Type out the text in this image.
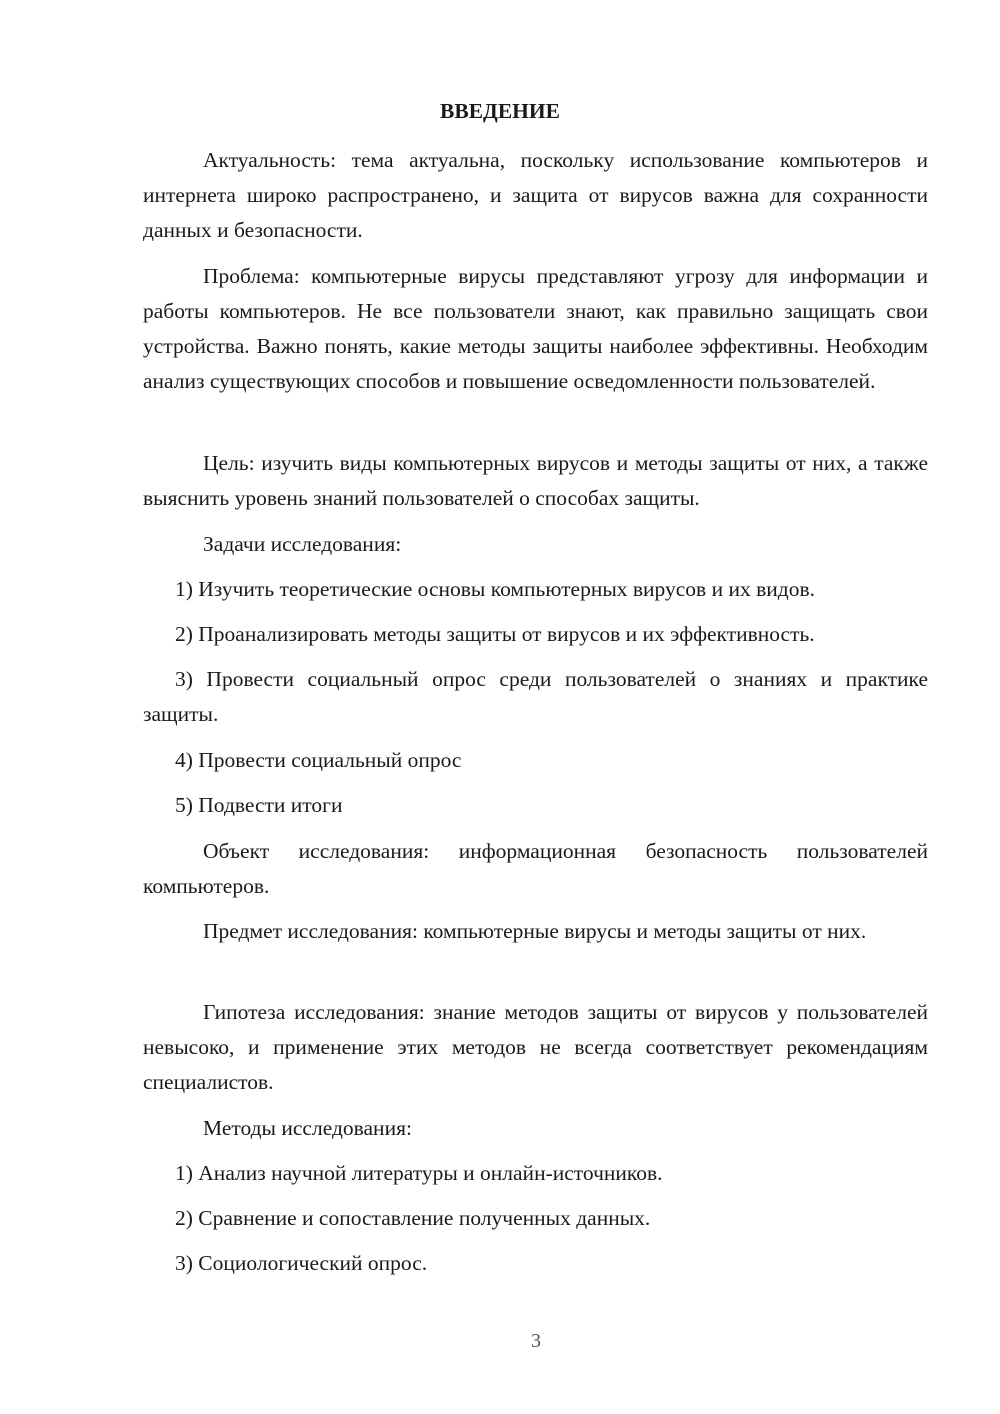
ВВЕДЕНИЕ

Актуальность: тема актуальна, поскольку использование компьютеров и интернета широко распространено, и защита от вирусов важна для сохранности данных и безопасности.

Проблема: компьютерные вирусы представляют угрозу для информации и работы компьютеров. Не все пользователи знают, как правильно защищать свои устройства. Важно понять, какие методы защиты наиболее эффективны. Необходим анализ существующих способов и повышение осведомленности пользователей.

Цель: изучить виды компьютерных вирусов и методы защиты от них, а также выяснить уровень знаний пользователей о способах защиты.

Задачи исследования:

1) Изучить теоретические основы компьютерных вирусов и их видов.

2) Проанализировать методы защиты от вирусов и их эффективность.

3) Провести социальный опрос среди пользователей о знаниях и практике защиты.

4) Провести социальный опрос

5) Подвести итоги

Объект исследования: информационная безопасность пользователей компьютеров.

Предмет исследования: компьютерные вирусы и методы защиты от них.

Гипотеза исследования: знание методов защиты от вирусов у пользователей невысоко, и применение этих методов не всегда соответствует рекомендациям специалистов.

Методы исследования:

1) Анализ научной литературы и онлайн-источников.

2) Сравнение и сопоставление полученных данных.

3) Социологический опрос.

3
